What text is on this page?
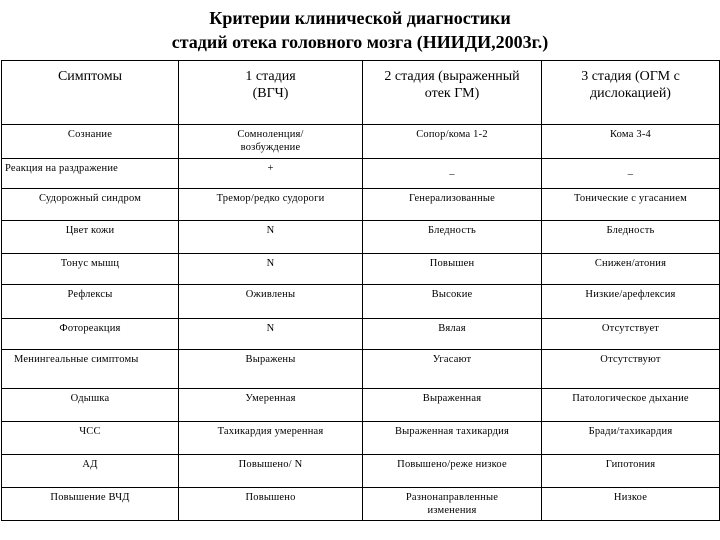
Критерии клинической диагностики
стадий отека головного мозга (НИИДИ,2003г.)
Симптомы	1 стадия (ВГЧ)	2 стадия (выраженный отек ГМ)	3 стадия (ОГМ с дислокацией)
Сознание	Сомноленция/ возбуждение	Сопор/кома 1-2	Кома 3-4
Реакция на раздражение	+	–	–
Судорожный синдром	Тремор/редко судороги	Генерализованные	Тонические с угасанием
Цвет кожи	N	Бледность	Бледность
Тонус мышц	N	Повышен	Снижен/атония
Рефлексы	Оживлены	Высокие	Низкие/арефлексия
Фотореакция	N	Вялая	Отсутствует
Менингеальные симптомы	Выражены	Угасают	Отсутствуют
Одышка	Умеренная	Выраженная	Патологическое дыхание
ЧСС	Тахикардия умеренная	Выраженная тахикардия	Бради/тахикардия
АД	Повышено/ N	Повышено/реже низкое	Гипотония
Повышение ВЧД	Повышено	Разнонаправленные изменения	Низкое
